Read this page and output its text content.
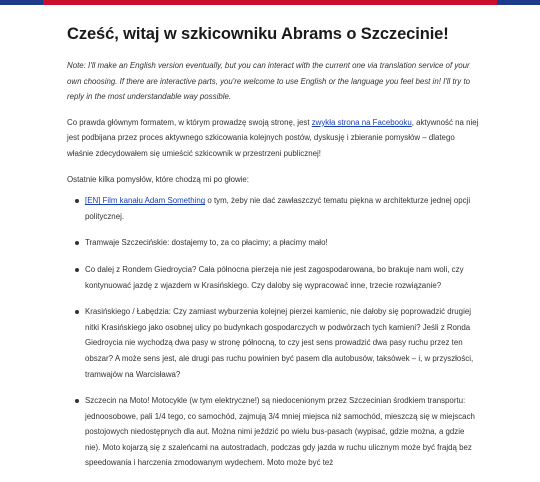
Cześć, witaj w szkicowniku Abrams o Szczecinie!

Note: I'll make an English version eventually, but you can interact with the current one via translation service of your own choosing. If there are interactive parts, you're welcome to use English or the language you feel best in! I'll try to reply in the most understandable way possible.

Co prawda głównym formatem, w którym prowadzę swoją stronę, jest zwykła strona na Facebooku, aktywność na niej jest podbijana przez proces aktywnego szkicowania kolejnych postów, dyskusję i zbieranie pomysłów – dlatego właśnie zdecydowałem się umieścić szkicownik w przestrzeni publicznej!

Ostatnie kilka pomysłów, które chodzą mi po głowie:

[EN] Film kanału Adam Something o tym, żeby nie dać zawłaszczyć tematu piękna w architekturze jednej opcji politycznej.
Tramwaje Szczecińskie: dostajemy to, za co płacimy; a płacimy mało!
Co dalej z Rondem Giedroycia? Cała północna pierzeja nie jest zagospodarowana, bo brakuje nam woli, czy kontynuować jazdę z wjazdem w Krasińskiego. Czy daloby się wypracować inne, trzecie rozwiązanie?
Krasińskiego / Łabędzia: Czy zamiast wyburzenia kolejnej pierzei kamienic, nie dałoby się poprowadzić drugiej nitki Krasińskiego jako osobnej ulicy po budynkach gospodarczych w podwórzach tych kamieni? Jeśli z Ronda Giedroycia nie wychodzą dwa pasy w stronę północną, to czy jest sens prowadzić dwa pasy ruchu przez ten obszar? A może sens jest, ale drugi pas ruchu powinien być pasem dla autobusów, taksówek – i, w przyszłości, tramwajów na Warcisława?
Szczecin na Moto! Motocykle (w tym elektryczne!) są niedocenionym przez Szczecinian środkiem transportu: jednoosobowe, pali 1/4 tego, co samochód, zajmują 3/4 mniej miejsca niż samochód, mieszczą się w miejscach postojowych niedostępnych dla aut. Można nimi jeździć po wielu bus-pasach (wypisać, gdzie można, a gdzie nie). Moto kojarzą się z szaleńcami na autostradach, podczas gdy jazda w ruchu ulicznym może być frajdą bez speedowania i harczenia zmodowanym wydechem. Moto może być też
